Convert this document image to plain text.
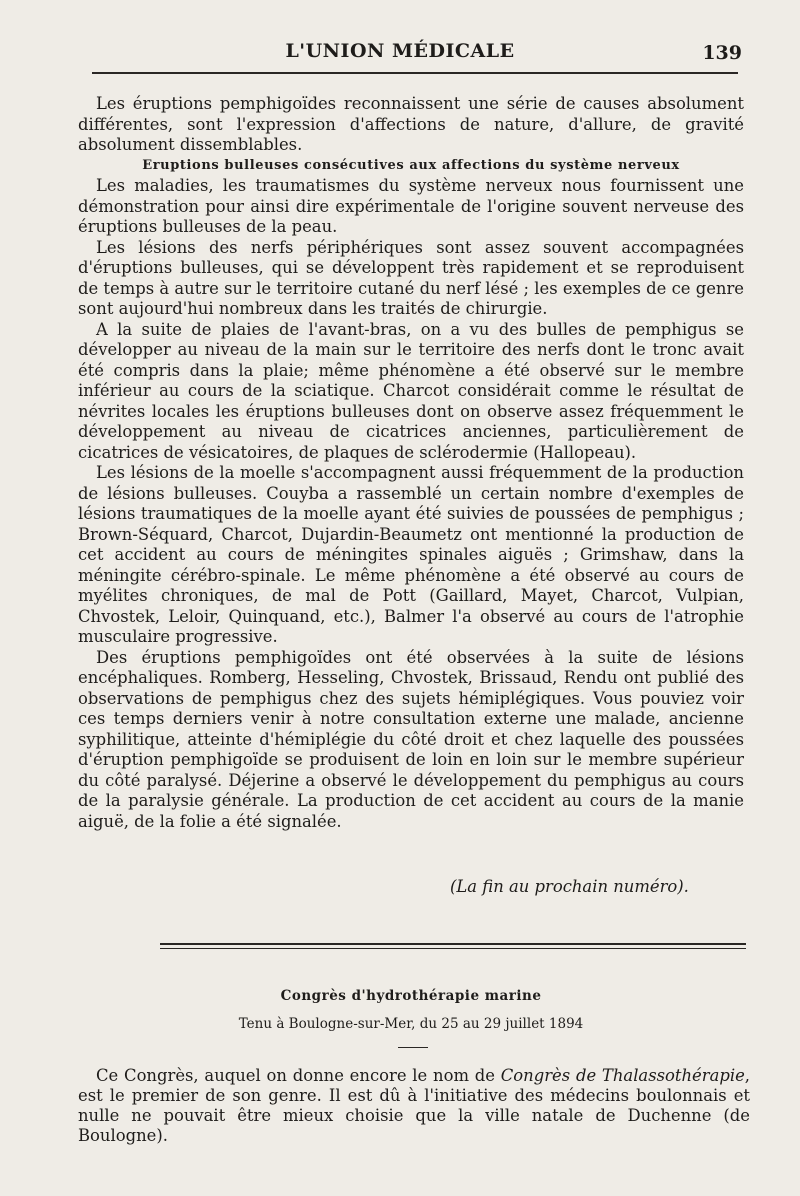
L'UNION MÉDICALE	139

Les éruptions pemphigoïdes reconnaissent une série de causes absolument différentes, sont l'expression d'affections de nature, d'allure, de gravité absolument dissemblables.

Eruptions bulleuses consécutives aux affections du système nerveux

Les maladies, les traumatismes du système nerveux nous fournissent une démonstration pour ainsi dire expérimentale de l'origine souvent nerveuse des éruptions bulleuses de la peau.

Les lésions des nerfs périphériques sont assez souvent accompagnées d'éruptions bulleuses, qui se développent très rapidement et se reproduisent de temps à autre sur le territoire cutané du nerf lésé ; les exemples de ce genre sont aujourd'hui nombreux dans les traités de chirurgie.

A la suite de plaies de l'avant-bras, on a vu des bulles de pemphigus se développer au niveau de la main sur le territoire des nerfs dont le tronc avait été compris dans la plaie; même phénomène a été observé sur le membre inférieur au cours de la sciatique. Charcot considérait comme le résultat de névrites locales les éruptions bulleuses dont on observe assez fréquemment le développement au niveau de cicatrices anciennes, particulièrement de cicatrices de vésicatoires, de plaques de sclérodermie (Hallopeau).

Les lésions de la moelle s'accompagnent aussi fréquemment de la production de lésions bulleuses. Couyba a rassemblé un certain nombre d'exemples de lésions traumatiques de la moelle ayant été suivies de poussées de pemphigus ; Brown-Séquard, Charcot, Dujardin-Beaumetz ont mentionné la production de cet accident au cours de méningites spinales aiguës ; Grimshaw, dans la méningite cérébro-spinale. Le même phénomène a été observé au cours de myélites chroniques, de mal de Pott (Gaillard, Mayet, Charcot, Vulpian, Chvostek, Leloir, Quinquand, etc.), Balmer l'a observé au cours de l'atrophie musculaire progressive.

Des éruptions pemphigoïdes ont été observées à la suite de lésions encéphaliques. Romberg, Hesseling, Chvostek, Brissaud, Rendu ont publié des observations de pemphigus chez des sujets hémiplégiques. Vous pouviez voir ces temps derniers venir à notre consultation externe une malade, ancienne syphilitique, atteinte d'hémiplégie du côté droit et chez laquelle des poussées d'éruption pemphigoïde se produisent de loin en loin sur le membre supérieur du côté paralysé. Déjerine a observé le développement du pemphigus au cours de la paralysie générale. La production de cet accident au cours de la manie aiguë, de la folie a été signalée.

(La fin au prochain numéro).
Congrès d'hydrothérapie marine
Tenu à Boulogne-sur-Mer, du 25 au 29 juillet 1894

Ce Congrès, auquel on donne encore le nom de Congrès de Thalassothérapie, est le premier de son genre. Il est dû à l'initiative des médecins boulonnais et nulle ne pouvait être mieux choisie que la ville natale de Duchenne (de Boulogne).
